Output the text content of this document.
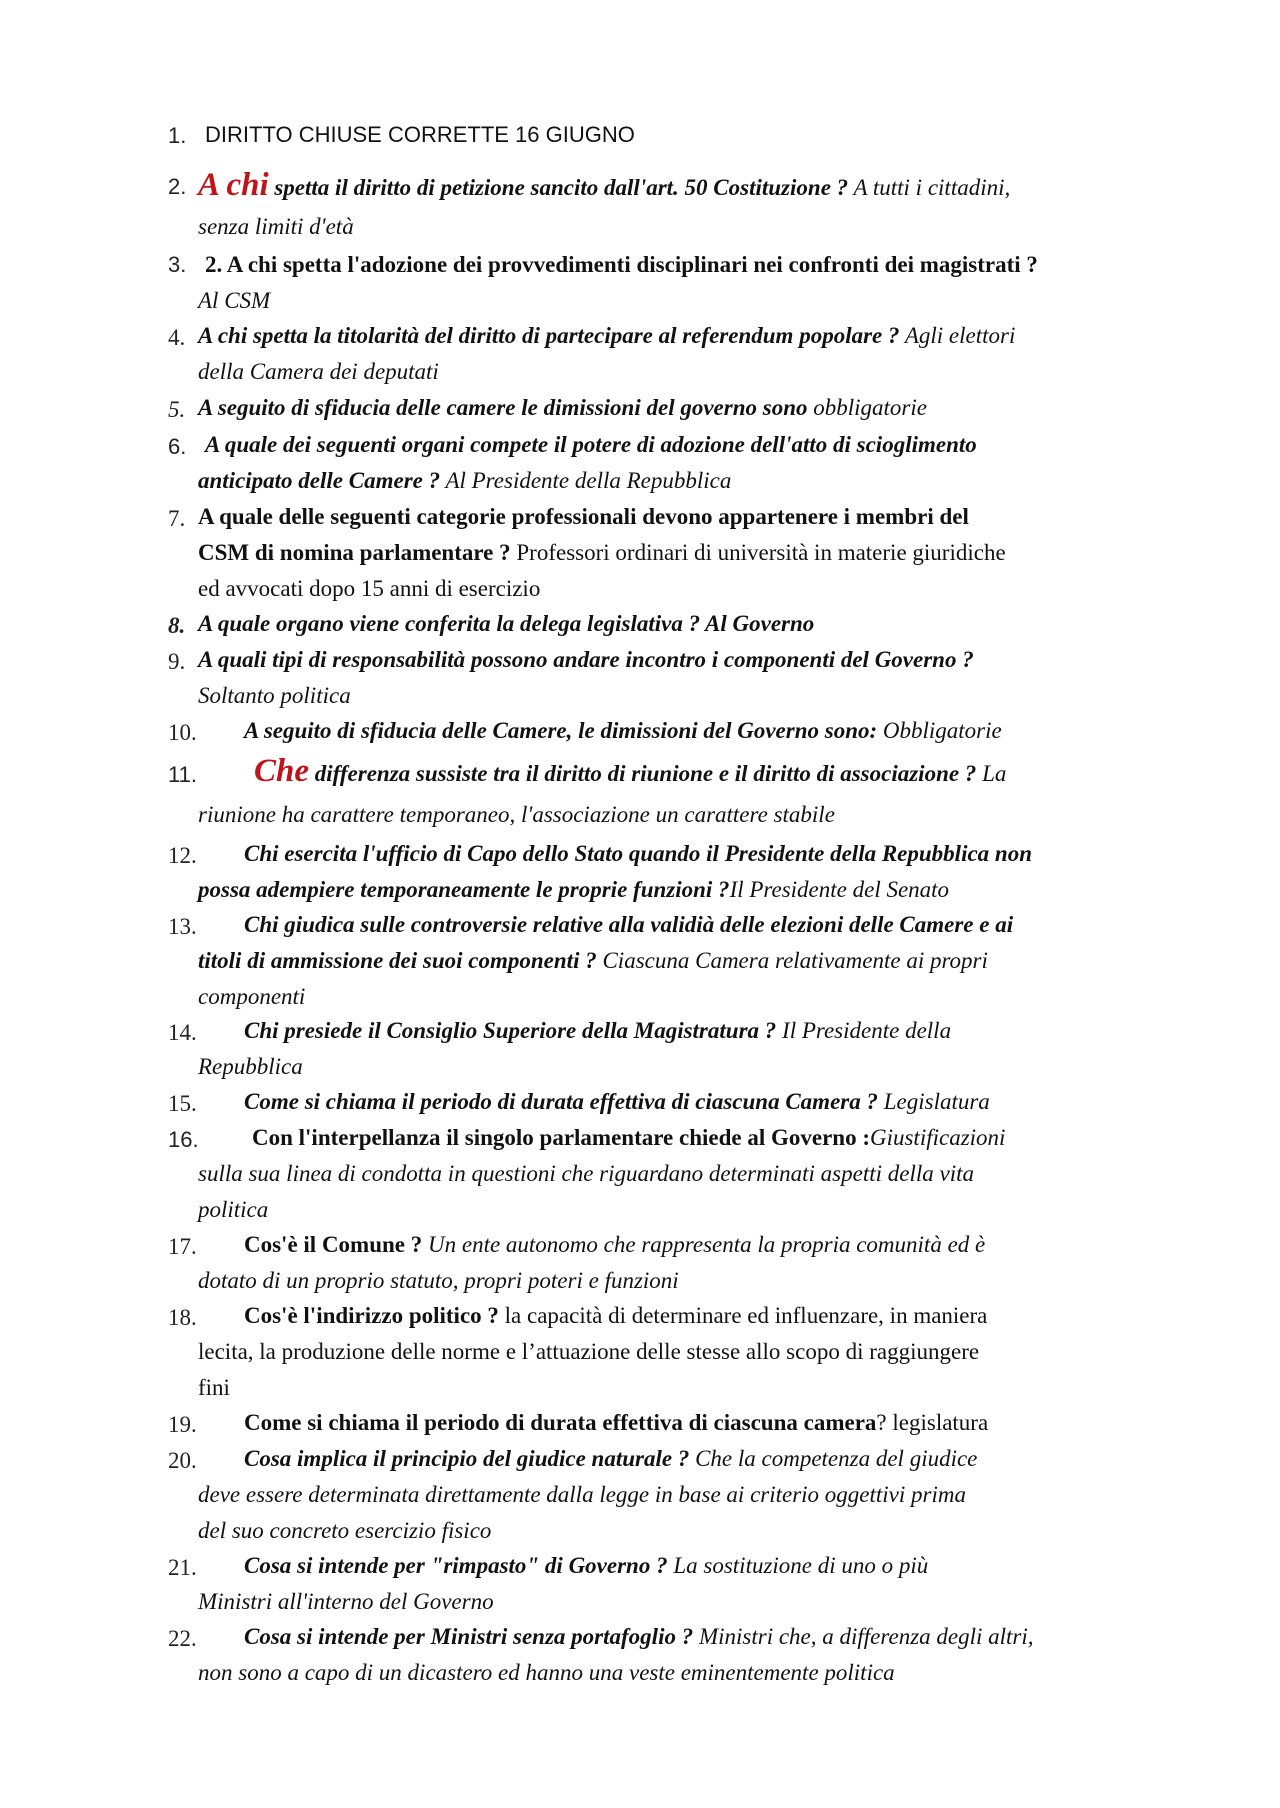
1. DIRITTO CHIUSE CORRETTE 16 GIUGNO
2. A chi spetta il diritto di petizione sancito dall'art. 50 Costituzione ? A tutti i cittadini,
senza limiti d'età
3. 2. A chi spetta l'adozione dei provvedimenti disciplinari nei confronti dei magistrati ?
Al CSM
4. A chi spetta la titolarità del diritto di partecipare al referendum popolare ? Agli elettori
della Camera dei deputati
5. A seguito di sfiducia delle camere le dimissioni del governo sono obbligatorie
6. A quale dei seguenti organi compete il potere di adozione dell'atto di scioglimento
anticipato delle Camere ? Al Presidente della Repubblica
7. A quale delle seguenti categorie professionali devono appartenere i membri del
CSM di nomina parlamentare ? Professori ordinari di università in materie giuridiche
ed avvocati dopo 15 anni di esercizio
8. A quale organo viene conferita la delega legislativa ? Al Governo
9. A quali tipi di responsabilità possono andare incontro i componenti del Governo ?
Soltanto politica
10. A seguito di sfiducia delle Camere, le dimissioni del Governo sono: Obbligatorie
11. Che differenza sussiste tra il diritto di riunione e il diritto di associazione ? La
riunione ha carattere temporaneo, l'associazione un carattere stabile
12. Chi esercita l'ufficio di Capo dello Stato quando il Presidente della Repubblica non
possa adempiere temporaneamente le proprie funzioni ?Il Presidente del Senato
13. Chi giudica sulle controversie relative alla validià delle elezioni delle Camere e ai
titoli di ammissione dei suoi componenti ? Ciascuna Camera relativamente ai propri
componenti
14. Chi presiede il Consiglio Superiore della Magistratura ? Il Presidente della
Repubblica
15. Come si chiama il periodo di durata effettiva di ciascuna Camera ? Legislatura
16. Con l'interpellanza il singolo parlamentare chiede al Governo :Giustificazioni
sulla sua linea di condotta in questioni che riguardano determinati aspetti della vita
politica
17. Cos'è il Comune ? Un ente autonomo che rappresenta la propria comunità ed è
dotato di un proprio statuto, propri poteri e funzioni
18. Cos'è l'indirizzo politico ? la capacità di determinare ed influenzare, in maniera
lecita, la produzione delle norme e l’attuazione delle stesse allo scopo di raggiungere
fini
19. Come si chiama il periodo di durata effettiva di ciascuna camera? legislatura
20. Cosa implica il principio del giudice naturale ? Che la competenza del giudice
deve essere determinata direttamente dalla legge in base ai criterio oggettivi prima
del suo concreto esercizio fisico
21. Cosa si intende per "rimpasto" di Governo ? La sostituzione di uno o più
Ministri all'interno del Governo
22. Cosa si intende per Ministri senza portafoglio ? Ministri che, a differenza degli altri,
non sono a capo di un dicastero ed hanno una veste eminentemente politica
